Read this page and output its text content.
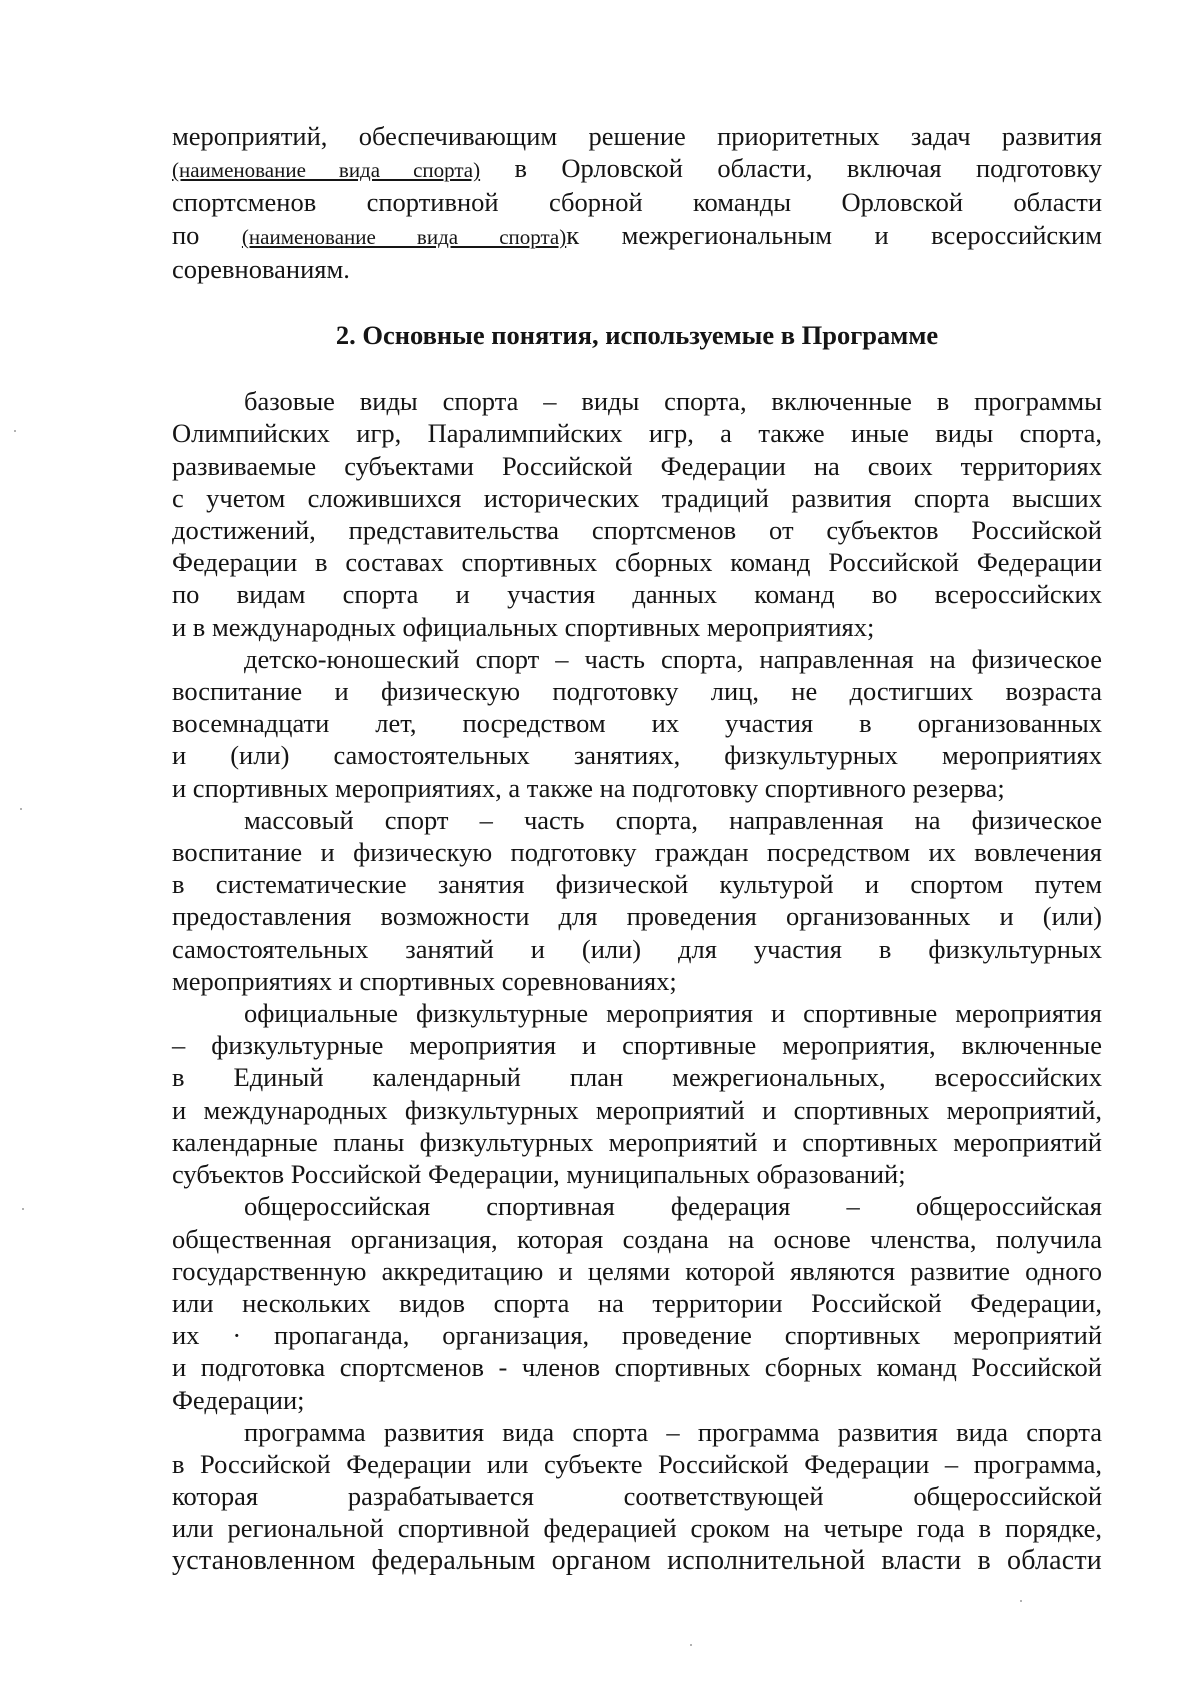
мероприятий, обеспечивающим решение приоритетных задач развития

(наименование вида спорта) в Орловской области, включая подготовку

спортсменов спортивной сборной команды Орловской области

по (наименование вида спорта)к межрегиональным и всероссийским

соревнованиям.

2. Основные понятия, используемые в Программе

базовые виды спорта – виды спорта, включенные в программы

Олимпийских игр, Паралимпийских игр, а также иные виды спорта,

развиваемые субъектами Российской Федерации на своих территориях

с учетом сложившихся исторических традиций развития спорта высших

достижений, представительства спортсменов от субъектов Российской

Федерации в составах спортивных сборных команд Российской Федерации

по видам спорта и участия данных команд во всероссийских

и в международных официальных спортивных мероприятиях;

детско-юношеский спорт – часть спорта, направленная на физическое

воспитание и физическую подготовку лиц, не достигших возраста

восемнадцати лет, посредством их участия в организованных

и (или) самостоятельных занятиях, физкультурных мероприятиях

и спортивных мероприятиях, а также на подготовку спортивного резерва;

массовый спорт – часть спорта, направленная на физическое

воспитание и физическую подготовку граждан посредством их вовлечения

в систематические занятия физической культурой и спортом путем

предоставления возможности для проведения организованных и (или)

самостоятельных занятий и (или) для участия в физкультурных

мероприятиях и спортивных соревнованиях;

официальные физкультурные мероприятия и спортивные мероприятия

– физкультурные мероприятия и спортивные мероприятия, включенные

в Единый календарный план межрегиональных, всероссийских

и международных физкультурных мероприятий и спортивных мероприятий,

календарные планы физкультурных мероприятий и спортивных мероприятий

субъектов Российской Федерации, муниципальных образований;

общероссийская спортивная федерация – общероссийская

общественная организация, которая создана на основе членства, получила

государственную аккредитацию и целями которой являются развитие одного

или нескольких видов спорта на территории Российской Федерации,

их · пропаганда, организация, проведение спортивных мероприятий

и подготовка спортсменов - членов спортивных сборных команд Российской

Федерации;

программа развития вида спорта – программа развития вида спорта

в Российской Федерации или субъекте Российской Федерации – программа,

которая разрабатывается соответствующей общероссийской

или региональной спортивной федерацией сроком на четыре года в порядке,

установленном федеральным органом исполнительной власти в области
